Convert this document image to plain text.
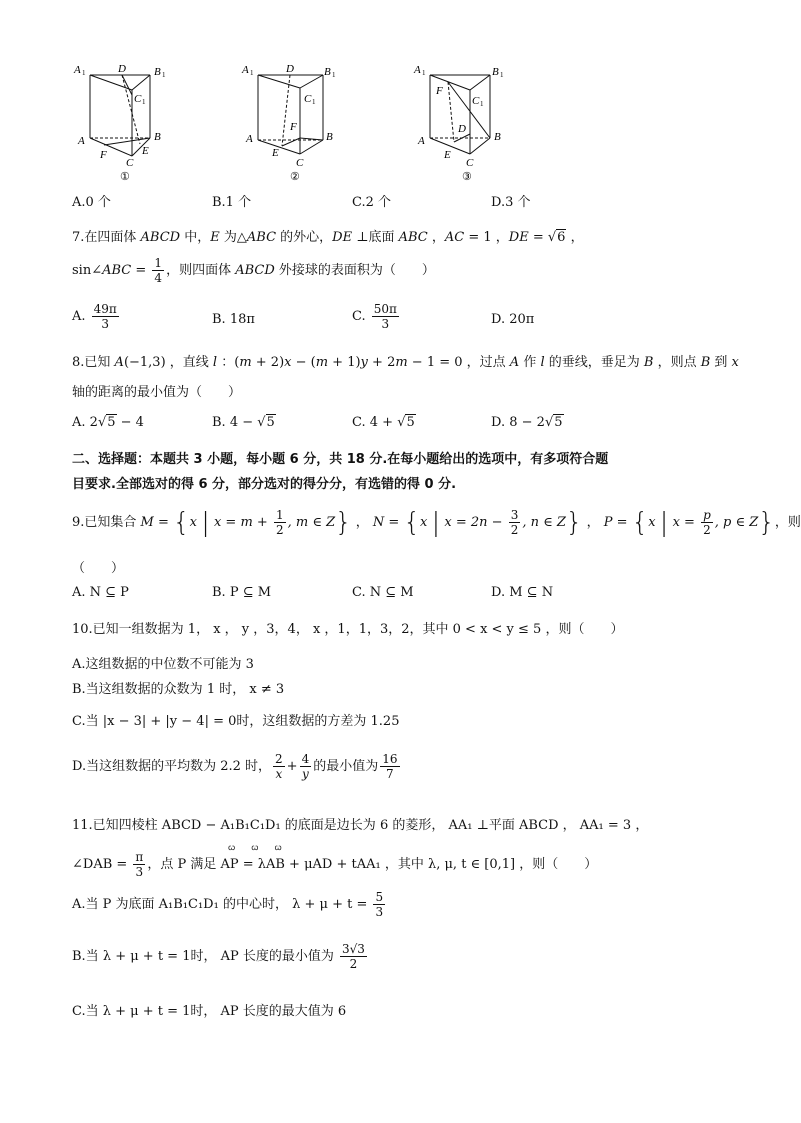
A 1	D	B 1
C 1
A	B
F	E
C
①
A 1	D	B 1
C 1
F
A	B
E
C
②
A 1
F
B 1
C 1
D
A	B
E
C
③
A.0 个	B.1 个	C.2 个	D.3 个
7.在四面体 ABCD 中，E 为△ABC 的外心，DE ⊥底面 ABC ，AC = 1 ，DE = √6 ，
sin∠ABC = $\frac{1}{4}$ ，则四面体 ABCD 外接球的表面积为（　　）
A. $\frac{49\pi}{3}$	B. 18π	C. $\frac{50\pi}{3}$	D. 20π
8.已知 A(−1,3) ，直线 l ：(m + 2)x − (m + 1)y + 2m − 1 = 0 ，过点 A 作 l 的垂线，垂足为 B ，则点 B 到 x
轴的距离的最小值为（　　）
A. 2√5 − 4	B. 4 − √5	C. 4 + √5	D. 8 − 2√5
二、选择题：本题共 3 小题，每小题 6 分，共 18 分.在每小题给出的选项中，有多项符合题
目要求.全部选对的得 6 分，部分选对的得分分，有选错的得 0 分.
9.已知集合 M = {x | $x = m + \frac{1}{2}$ , m ∈ Z} ， N = {x | $x = 2n - \frac{3}{2}$ , n ∈ Z} ， P = {x | $x = \frac{p}{2}$ , p ∈ Z}，则
（　　）
A. N ⊆ P	B. P ⊆ M	C. N ⊆ M	D. M ⊆ N
10.已知一组数据为 1， x ， y ，3，4， x ，1，1，3，2，其中 0 < x < y ≤ 5 ，则（　　）
A.这组数据的中位数不可能为 3
B.当这组数据的众数为 1 时， x ≠ 3
C.当 |x − 3| + |y − 4| = 0时，这组数据的方差为 1.25
D.当这组数据的平均数为 2.2 时， $\frac{2}{x} + \frac{4}{y}$ 的最小值为 $\frac{16}{7}$
11.已知四棱柱 ABCD − A₁B₁C₁D₁ 的底面是边长为 6 的菱形， AA₁ ⊥平面 ABCD ， AA₁ = 3 ，
∠DAB = $\frac{\pi}{3}$ ，点 P 满足 AP = λAB + μAD + tAA₁ ，其中 λ, μ, t ∈ [0,1] ，则（　　）
ꞷꞷꞷ
A.当 P 为底面 A₁B₁C₁D₁ 的中心时， $\lambda + \mu + t = \frac{5}{3}$
B.当 λ + μ + t = 1时， AP 长度的最小值为 $\frac{3√3}{2}$
C.当 λ + μ + t = 1时， AP 长度的最大值为 6
